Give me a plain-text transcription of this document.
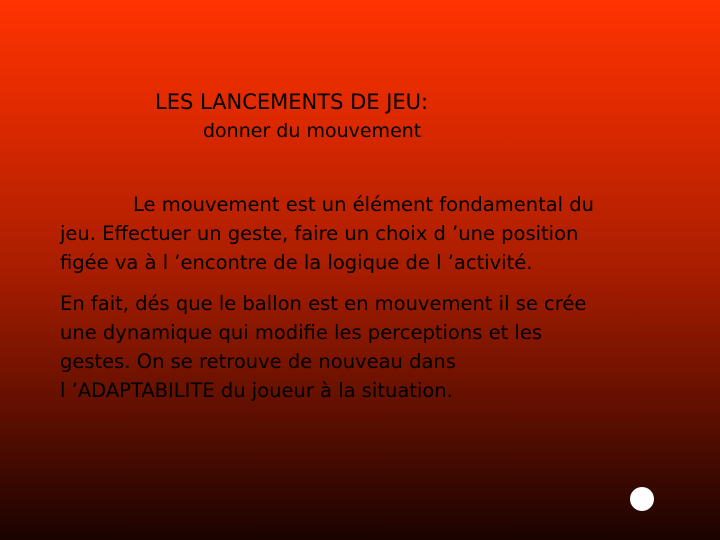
LES LANCEMENTS DE JEU:
donner du mouvement

Le mouvement est un élément fondamental du
jeu. Effectuer un geste, faire un choix d ’une position
figée va à l ’encontre de la logique de l ’activité.

En fait, dés que le ballon est en mouvement il se crée
une dynamique qui modifie les perceptions et les
gestes. On se retrouve de nouveau dans
l ’ADAPTABILITE du joueur à la situation.
